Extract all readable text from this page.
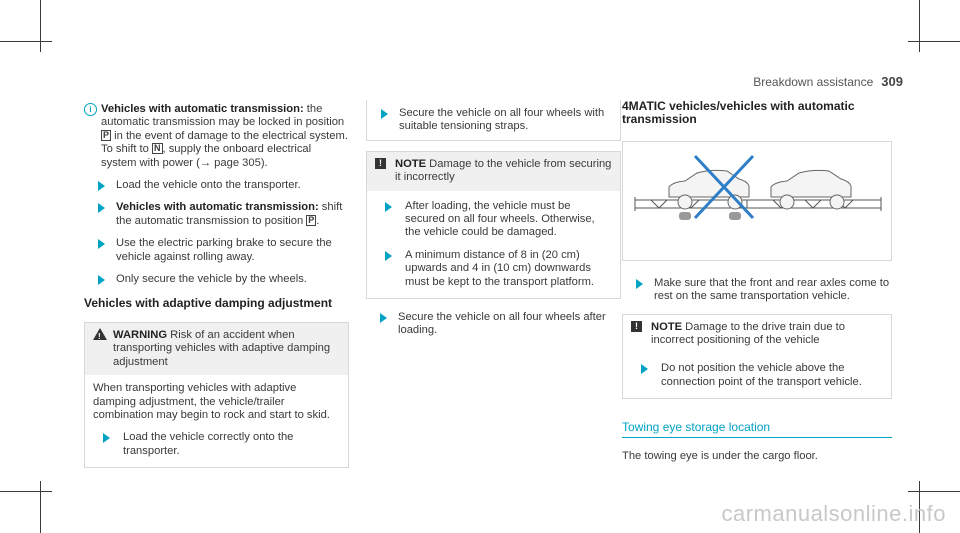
Breakdown assistance 309
i Vehicles with automatic transmission: the automatic transmission may be locked in position P in the event of damage to the electrical system. To shift to N , supply the onboard electrical system with power (→ page 305).
Load the vehicle onto the transporter.
Vehicles with automatic transmission: shift the automatic transmission to position P .
Use the electric parking brake to secure the vehicle against rolling away.
Only secure the vehicle by the wheels.
Vehicles with adaptive damping adjustment
!
WARNING Risk of an accident when transporting vehicles with adaptive damping adjustment
When transporting vehicles with adaptive damping adjustment, the vehicle/trailer combination may begin to rock and start to skid.
Load the vehicle correctly onto the transporter.
Secure the vehicle on all four wheels with suitable tensioning straps.
!	NOTE Damage to the vehicle from securing it incorrectly
After loading, the vehicle must be secured on all four wheels. Otherwise, the vehicle could be damaged.
A minimum distance of 8 in (20 cm) upwards and 4 in (10 cm) downwards must be kept to the transport platform.
Secure the vehicle on all four wheels after loading.
4MATIC vehicles/vehicles with automatic transmission
Make sure that the front and rear axles come to rest on the same transportation vehicle.
!	NOTE Damage to the drive train due to incorrect positioning of the vehicle
Do not position the vehicle above the connection point of the transport vehicle.
Towing eye storage location
The towing eye is under the cargo floor.
carmanualsonline.info
